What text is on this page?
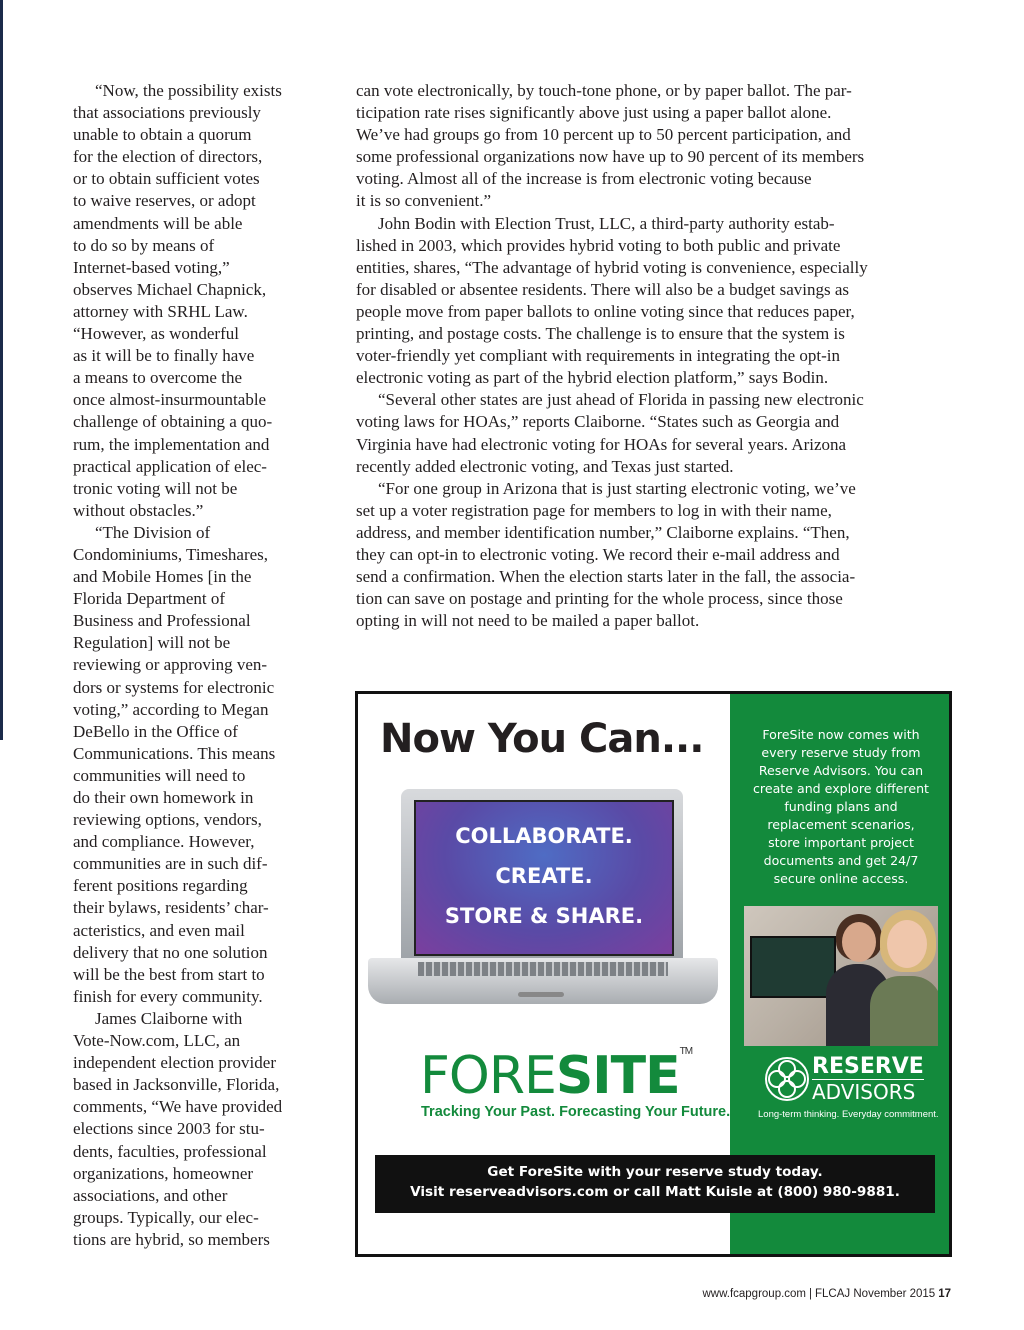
“Now, the possibility exists
that associations previously
unable to obtain a quorum
for the election of directors,
or to obtain sufficient votes
to waive reserves, or adopt
amendments will be able
to do so by means of
Internet-based voting,”
observes Michael Chapnick,
attorney with SRHL Law.
“However, as wonderful
as it will be to finally have
a means to overcome the
once almost-insurmountable
challenge of obtaining a quo-
rum, the implementation and
practical application of elec-
tronic voting will not be
without obstacles.”
“The Division of
Condominiums, Timeshares,
and Mobile Homes [in the
Florida Department of
Business and Professional
Regulation] will not be
reviewing or approving ven-
dors or systems for electronic
voting,” according to Megan
DeBello in the Office of
Communications. This means
communities will need to
do their own homework in
reviewing options, vendors,
and compliance. However,
communities are in such dif-
ferent positions regarding
their bylaws, residents’ char-
acteristics, and even mail
delivery that no one solution
will be the best from start to
finish for every community.
James Claiborne with
Vote-Now.com, LLC, an
independent election provider
based in Jacksonville, Florida,
comments, “We have provided
elections since 2003 for stu-
dents, faculties, professional
organizations, homeowner
associations, and other
groups. Typically, our elec-
tions are hybrid, so members
can vote electronically, by touch-tone phone, or by paper ballot. The par-
ticipation rate rises significantly above just using a paper ballot alone.
We’ve had groups go from 10 percent up to 50 percent participation, and
some professional organizations now have up to 90 percent of its members
voting. Almost all of the increase is from electronic voting because
it is so convenient.”
John Bodin with Election Trust, LLC, a third-party authority estab-
lished in 2003, which provides hybrid voting to both public and private
entities, shares, “The advantage of hybrid voting is convenience, especially
for disabled or absentee residents. There will also be a budget savings as
people move from paper ballots to online voting since that reduces paper,
printing, and postage costs. The challenge is to ensure that the system is
voter-friendly yet compliant with requirements in integrating the opt-in
electronic voting as part of the hybrid election platform,” says Bodin.
“Several other states are just ahead of Florida in passing new electronic
voting laws for HOAs,” reports Claiborne. “States such as Georgia and
Virginia have had electronic voting for HOAs for several years. Arizona
recently added electronic voting, and Texas just started.
“For one group in Arizona that is just starting electronic voting, we’ve
set up a voter registration page for members to log in with their name,
address, and member identification number,” Claiborne explains. “Then,
they can opt-in to electronic voting. We record their e-mail address and
send a confirmation. When the election starts later in the fall, the associa-
tion can save on postage and printing for the whole process, since those
opting in will not need to be mailed a paper ballot.
Now You Can...
COLLABORATE.
CREATE.
STORE & SHARE.
FORESITE™
Tracking Your Past. Forecasting Your Future.
ForeSite now comes with
every reserve study from
Reserve Advisors. You can
create and explore different
funding plans and
replacement scenarios,
store important project
documents and get 24/7
secure online access.
RESERVE
ADVISORS
Long-term thinking. Everyday commitment.
Get ForeSite with your reserve study today.
Visit reserveadvisors.com or call Matt Kuisle at (800) 980-9881.
www.fcapgroup.com | FLCAJ November 2015 17
